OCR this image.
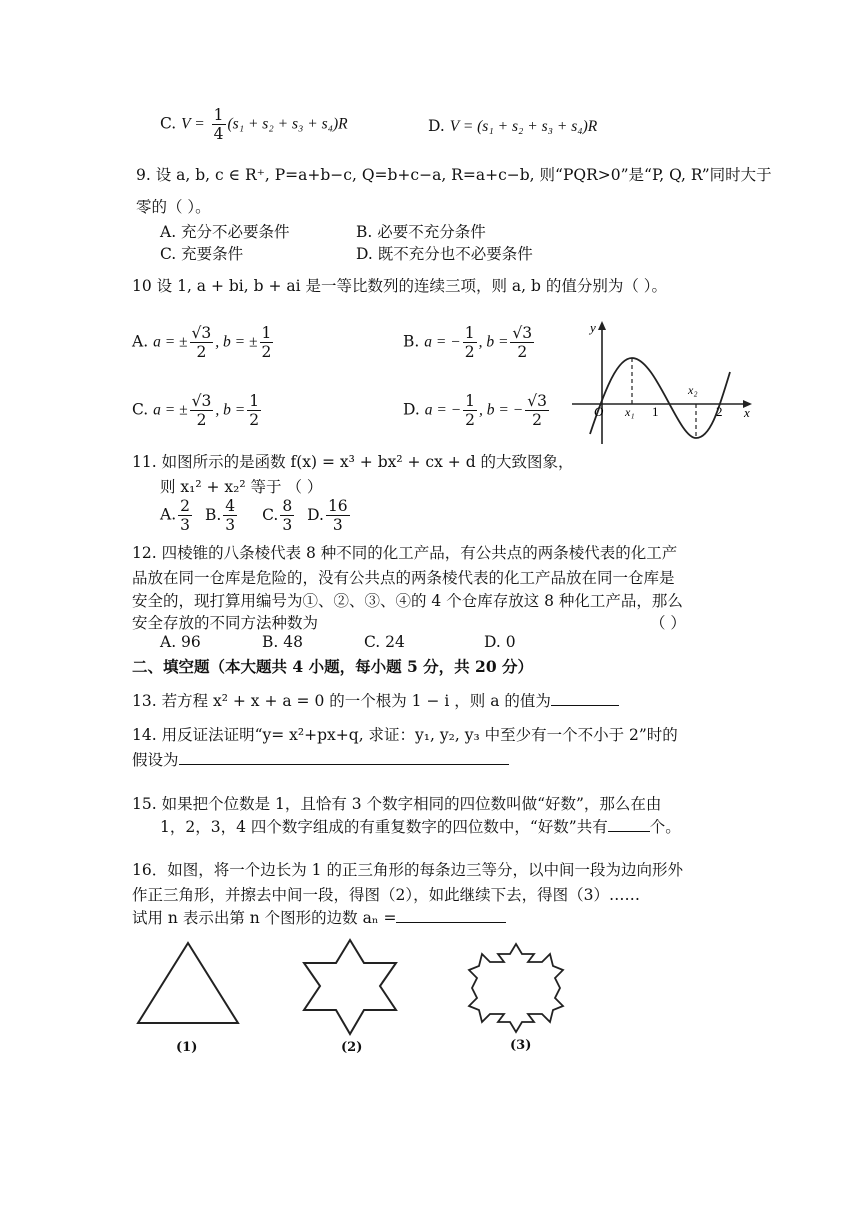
C. $V = \frac{1}{4} (s_1 + s_2 + s_3 + s_4)R$	D. V = (s₁ + s₂ + s₃ + s₄)R
9. 设 a, b, c ∈ R⁺, P=a+b−c, Q=b+c−a, R=a+c−b, 则“PQR>0”是“P, Q, R”同时大于
零的（ ）。
A. 充分不必要条件	B. 必要不充分条件
C. 充要条件	D. 既不充分也不必要条件
10 设 1, a + bi, b + ai 是一等比数列的连续三项，则 a, b 的值分别为（ ）。
A. a = ± $\frac{√3}{2}$ , b = ± $\frac{1}{2}$	B. a = − $\frac{1}{2}$ , $b = \frac{√3}{2}$
C. a = ± $\frac{√3}{2}$ , $b = \frac{1}{2}$	D. a = − $\frac{1}{2}$ , b = − $\frac{√3}{2}$
y
x
O x₁ 1
x₂
2
11. 如图所示的是函数 f(x) = x³ + bx² + cx + d 的大致图象，
则 x₁² + x₂² 等于 （ ）
A. $\frac{2}{3} B$. $\frac{4}{3} C$. $\frac{8}{3} D$. $\frac{16}{3}$
12. 四棱锥的八条棱代表 8 种不同的化工产品，有公共点的两条棱代表的化工产
品放在同一仓库是危险的，没有公共点的两条棱代表的化工产品放在同一仓库是
安全的，现打算用编号为①、②、③、④的 4 个仓库存放这 8 种化工产品，那么
安全存放的不同方法种数为	（ ）
A. 96	B. 48	C. 24	D. 0
二、填空题（本大题共 4 小题，每小题 5 分，共 20 分）
13. 若方程 x² + x + a = 0 的一个根为 1 − i ，则 a 的值为
14. 用反证法证明“y= x²+px+q, 求证：y₁, y₂, y₃ 中至少有一个不小于 2”时的
假设为
15. 如果把个位数是 1，且恰有 3 个数字相同的四位数叫做“好数”，那么在由
1，2，3，4 四个数字组成的有重复数字的四位数中，“好数”共有	个。
16．如图，将一个边长为 1 的正三角形的每条边三等分，以中间一段为边向形外
作正三角形，并擦去中间一段，得图（2），如此继续下去，得图（3）……
试用 n 表示出第 n 个图形的边数 aₙ =
(1)	(2)	(3)
